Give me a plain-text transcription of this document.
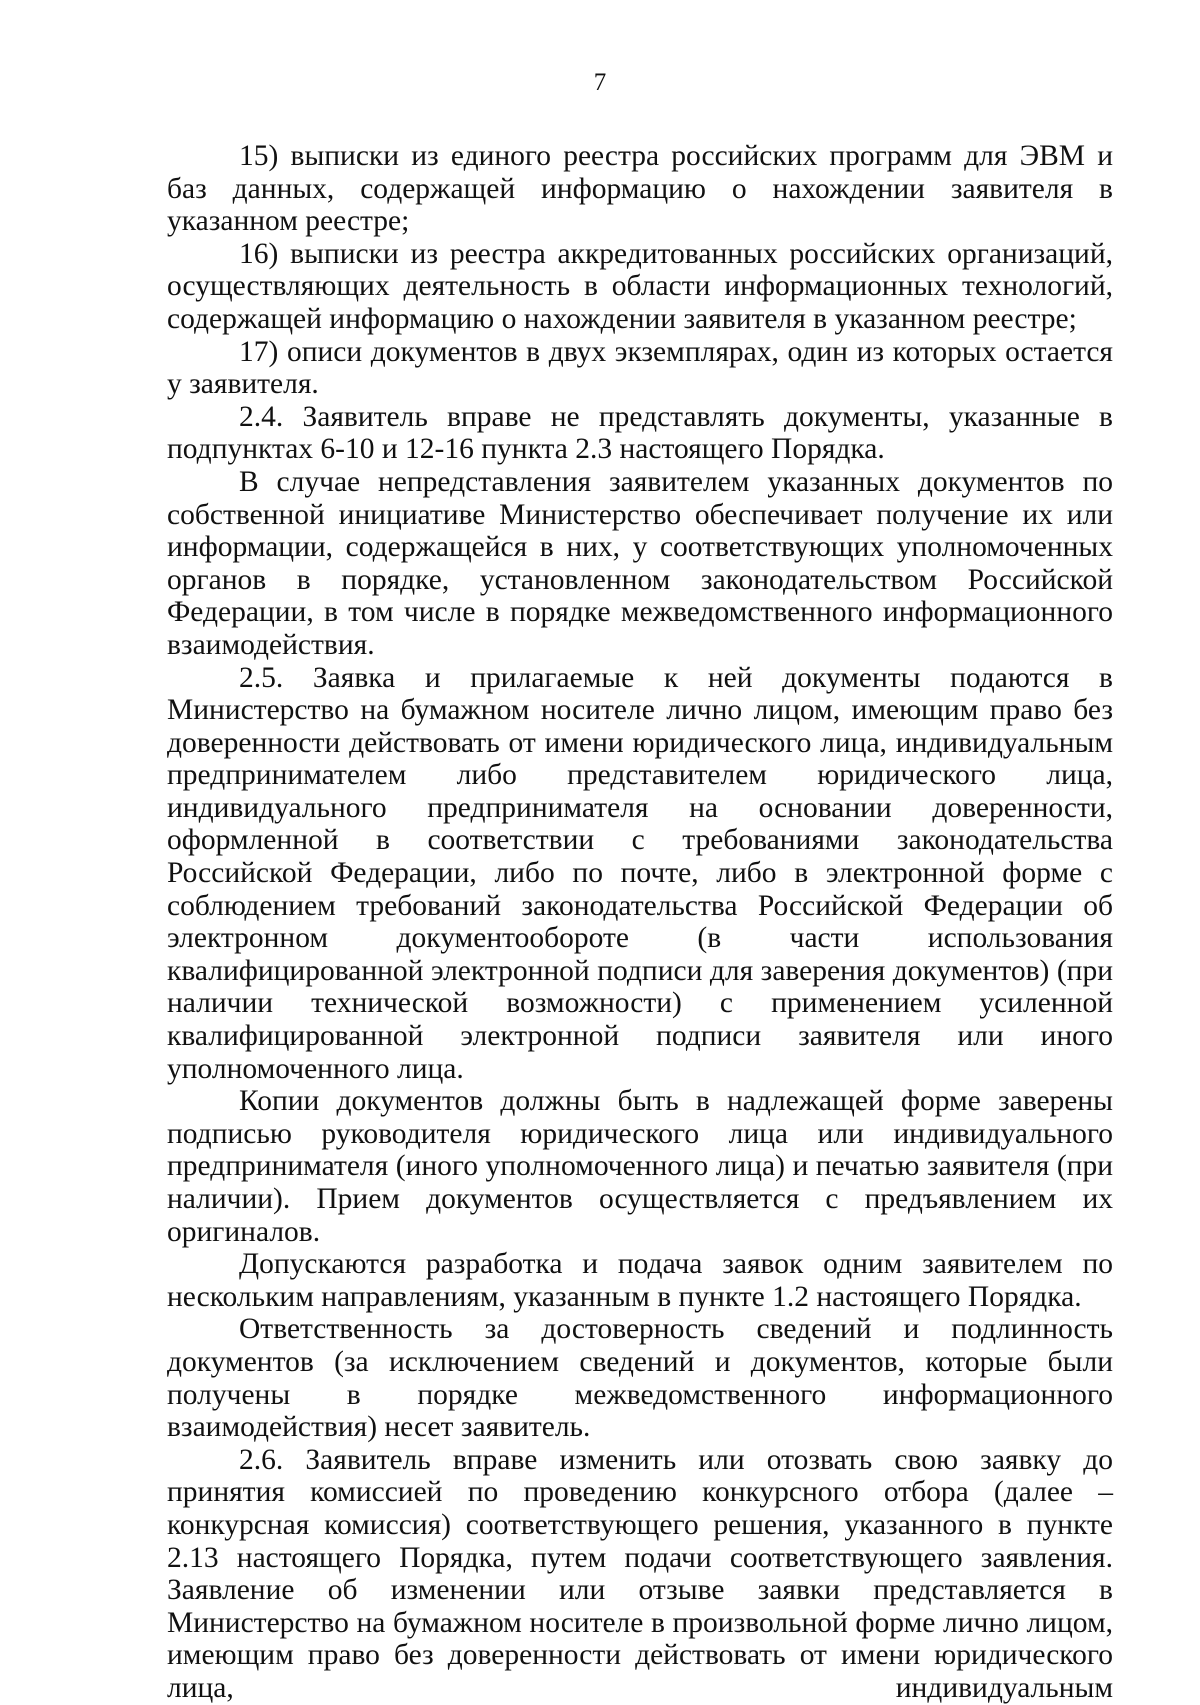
7

15) выписки из единого реестра российских программ для ЭВМ и баз данных, содержащей информацию о нахождении заявителя в указанном реестре;

16) выписки из реестра аккредитованных российских организаций, осуществляющих деятельность в области информационных технологий, содержащей информацию о нахождении заявителя в указанном реестре;

17) описи документов в двух экземплярах, один из которых остается у заявителя.

2.4. Заявитель вправе не представлять документы, указанные в подпунктах 6-10 и 12-16 пункта 2.3 настоящего Порядка.

В случае непредставления заявителем указанных документов по собственной инициативе Министерство обеспечивает получение их или информации, содержащейся в них, у соответствующих уполномоченных органов в порядке, установленном законодательством Российской Федерации, в том числе в порядке межведомственного информационного взаимодействия.

2.5. Заявка и прилагаемые к ней документы подаются в Министерство на бумажном носителе лично лицом, имеющим право без доверенности действовать от имени юридического лица, индивидуальным предпринимателем либо представителем юридического лица, индивидуального предпринимателя на основании доверенности, оформленной в соответствии с требованиями законодательства Российской Федерации, либо по почте, либо в электронной форме с соблюдением требований законодательства Российской Федерации об электронном документообороте (в части использования квалифицированной электронной подписи для заверения документов) (при наличии технической возможности) с применением усиленной квалифицированной электронной подписи заявителя или иного уполномоченного лица.

Копии документов должны быть в надлежащей форме заверены подписью руководителя юридического лица или индивидуального предпринимателя (иного уполномоченного лица) и печатью заявителя (при наличии). Прием документов осуществляется с предъявлением их оригиналов.

Допускаются разработка и подача заявок одним заявителем по нескольким направлениям, указанным в пункте 1.2 настоящего Порядка.

Ответственность за достоверность сведений и подлинность документов (за исключением сведений и документов, которые были получены в порядке межведомственного информационного взаимодействия) несет заявитель.

2.6. Заявитель вправе изменить или отозвать свою заявку до принятия комиссией по проведению конкурсного отбора (далее – конкурсная комиссия) соответствующего решения, указанного в пункте 2.13 настоящего Порядка, путем подачи соответствующего заявления. Заявление об изменении или отзыве заявки представляется в Министерство на бумажном носителе в произвольной форме лично лицом, имеющим право без доверенности действовать от имени юридического лица, индивидуальным
